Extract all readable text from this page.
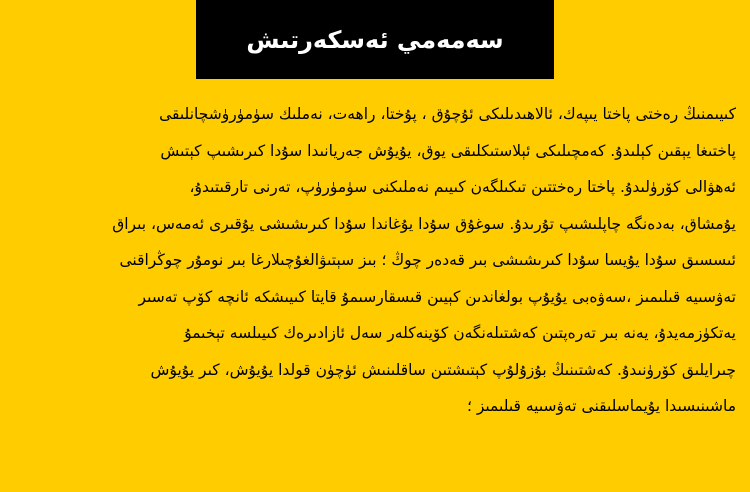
سەمەمي ئەسكەرتىش
كىيىمنىڭ رەختى پاختا يىپەك، ئالاھىدىلىكى ئۇچۇق ، پۇختا، راھەت، نەملىك سۈمۈرۈشچانلىقى
پاختىغا يېقىن كېلىدۇ. كەمچىلىكى ئېلاستىكلىقى يوق، يۇيۇش جەريانىدا سۇدا كىرىشىپ كېتىش
ئەھۋالى كۆرۈلىدۇ. پاختا رەختتىن تىكىلگەن كىيىم نەملىكنى سۈمۈرۈپ، تەرنى تارقىتىدۇ،
يۇمشاق، بەدەنگە چاپلىشىپ تۇرىدۇ. سوغۇق سۇدا يۇغاندا سۇدا كىرىشىشى يۇقىرى ئەمەس، بىراق
ئىسسىق سۇدا يۇيسا سۇدا كىرىشىشى بىر قەدەر چوڭ ؛ بىز سېتىۋالغۇچىلارغا بىر نومۇر چوڭراقنى
تەۋسىيە قىلىمىز ،سەۋەبى يۇيۇپ بولغاندىن كېيىن قىسقارسىمۇ قايتا كىيىشكە ئانچە كۆپ تەسىر
يەتكۈزمەيدۇ، يەنە بىر تەرەپتىن كەشتىلەنگەن كۆينەكلەر سەل ئازادىرەك كىيىلسە تېخىمۇ
چىرايلىق كۆرۈنىدۇ. كەشتىنىڭ بۇزۇلۇپ كېتىشتىن ساقلىنىش ئۈچۈن قولدا يۇيۇش، كىر يۇيۇش
ماشىنىسىدا يۇيماسلىقنى تەۋسىيە قىلىمىز ؛
